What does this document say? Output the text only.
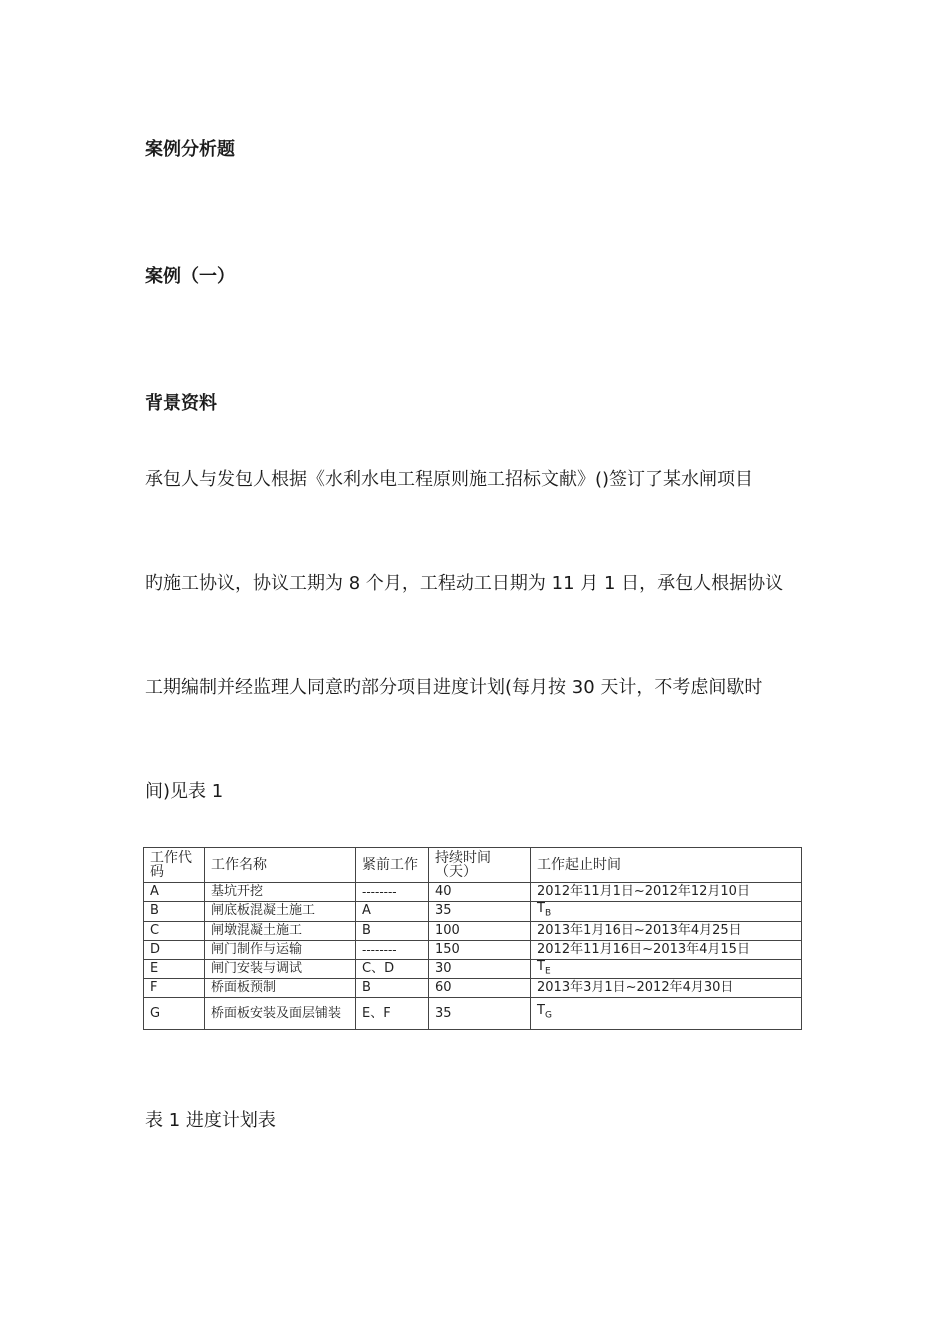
案例分析题
案例（一）
背景资料
承包人与发包人根据《水利水电工程原则施工招标文献》()签订了某水闸项目
旳施工协议，协议工期为 8 个月，工程动工日期为 11 月 1 日，承包人根据协议
工期编制并经监理人同意旳部分项目进度计划(每月按 30 天计，不考虑间歇时
间)见表 1
工作代码	工作名称	紧前工作	持续时间（天）	工作起止时间
A	基坑开挖	--------	40	2012年11月1日~2012年12月10日
B	闸底板混凝土施工	A	35	$T_B$
C	闸墩混凝土施工	B	100	2013年1月16日~2013年4月25日
D	闸门制作与运输	--------	150	2012年11月16日~2013年4月15日
E	闸门安装与调试	C、D	30	$T_E$
F	桥面板预制	B	60	2013年3月1日~2012年4月30日
G	桥面板安装及面层铺装	E、F	35	$T_G$
表 1 进度计划表
